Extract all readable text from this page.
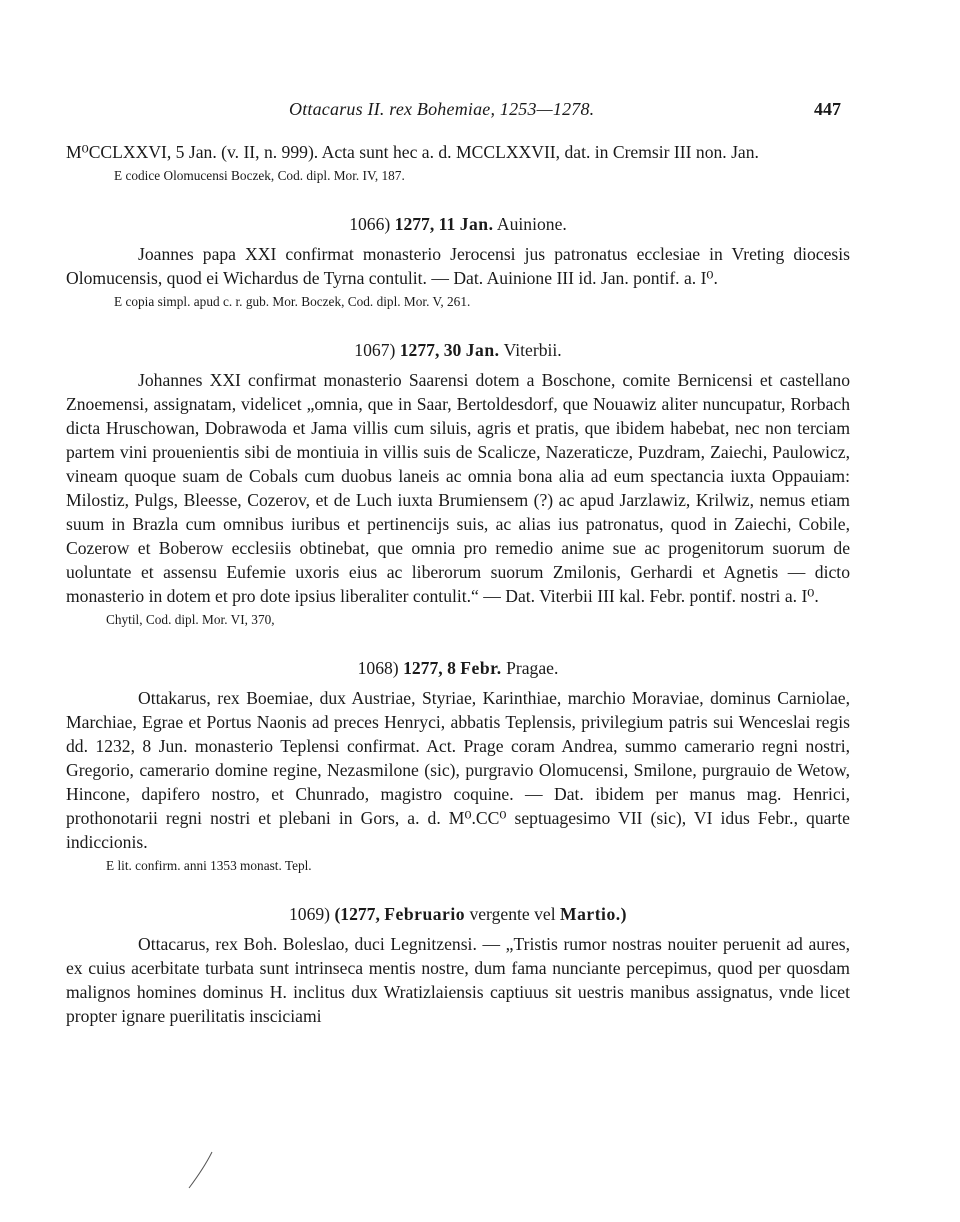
Ottacarus II. rex Bohemiae, 1253—1278.	447

M⁰CCLXXVI, 5 Jan. (v. II, n. 999). Acta sunt hec a. d. MCCLXXVII, dat. in Cremsir III non. Jan.

E codice Olomucensi Boczek, Cod. dipl. Mor. IV, 187.

1066) 1277, 11 Jan. Auinione.

Joannes papa XXI confirmat monasterio Jerocensi jus patronatus ecclesiae in Vreting diocesis Olomucensis, quod ei Wichardus de Tyrna contulit. — Dat. Auinione III id. Jan. pontif. a. I⁰.

E copia simpl. apud c. r. gub. Mor. Boczek, Cod. dipl. Mor. V, 261.

1067) 1277, 30 Jan. Viterbii.

Johannes XXI confirmat monasterio Saarensi dotem a Boschone, comite Bernicensi et castellano Znoemensi, assignatam, videlicet „omnia, que in Saar, Bertoldesdorf, que Nouawiz aliter nuncupatur, Rorbach dicta Hruschowan, Dobrawoda et Jama villis cum siluis, agris et pratis, que ibidem habebat, nec non terciam partem vini prouenientis sibi de montiuia in villis suis de Scalicze, Nazeraticze, Puzdram, Zaiechi, Paulowicz, vineam quoque suam de Cobals cum duobus laneis ac omnia bona alia ad eum spectancia iuxta Oppauiam: Milostiz, Pulgs, Bleesse, Cozerov, et de Luch iuxta Brumiensem (?) ac apud Jarzlawiz, Krilwiz, nemus etiam suum in Brazla cum omnibus iuribus et pertinencijs suis, ac alias ius patronatus, quod in Zaiechi, Cobile, Cozerow et Boberow ecclesiis obtinebat, que omnia pro remedio anime sue ac progenitorum suorum de uoluntate et assensu Eufemie uxoris eius ac liberorum suorum Zmilonis, Gerhardi et Agnetis — dicto monasterio in dotem et pro dote ipsius liberaliter contulit.“ — Dat. Viterbii III kal. Febr. pontif. nostri a. I⁰.

Chytil, Cod. dipl. Mor. VI, 370,

1068) 1277, 8 Febr. Pragae.

Ottakarus, rex Boemiae, dux Austriae, Styriae, Karinthiae, marchio Moraviae, dominus Carniolae, Marchiae, Egrae et Portus Naonis ad preces Henryci, abbatis Teplensis, privilegium patris sui Wenceslai regis dd. 1232, 8 Jun. monasterio Teplensi confirmat. Act. Prage coram Andrea, summo camerario regni nostri, Gregorio, camerario domine regine, Nezasmilone (sic), purgravio Olomucensi, Smilone, purgrauio de Wetow, Hincone, dapifero nostro, et Chunrado, magistro coquine. — Dat. ibidem per manus mag. Henrici, prothonotarii regni nostri et plebani in Gors, a. d. M⁰.CC⁰ septuagesimo VII (sic), VI idus Febr., quarte indiccionis.

E lit. confirm. anni 1353 monast. Tepl.

1069) (1277, Februario vergente vel Martio.)

Ottacarus, rex Boh. Boleslao, duci Legnitzensi. — „Tristis rumor nostras nouiter peruenit ad aures, ex cuius acerbitate turbata sunt intrinseca mentis nostre, dum fama nunciante percepimus, quod per quosdam malignos homines dominus H. inclitus dux Wratizlaiensis captiuus sit uestris manibus assignatus, vnde licet propter ignare puerilitatis insciciami
